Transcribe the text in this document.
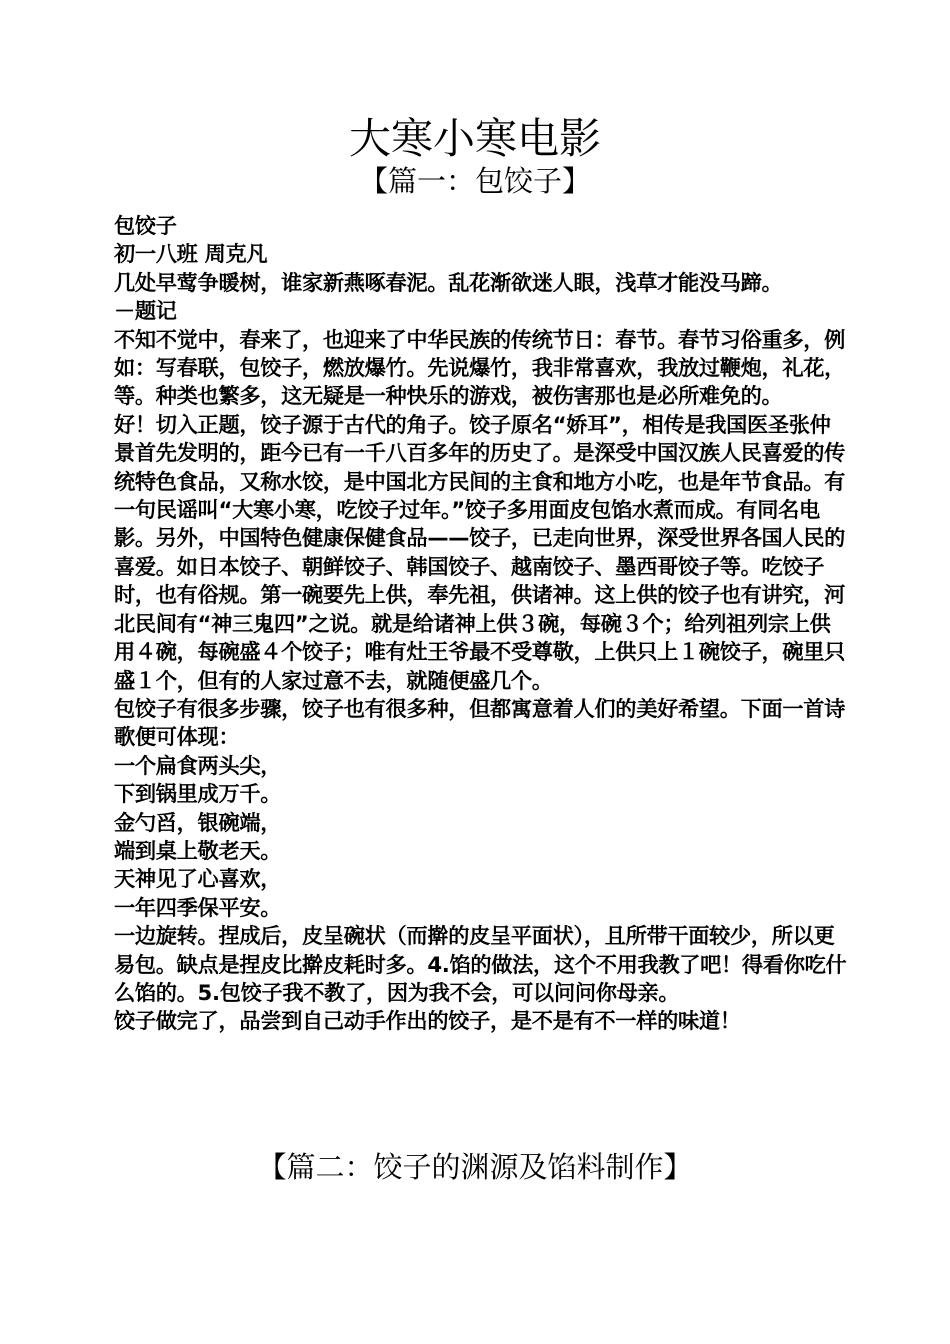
大寒小寒电影
【篇一：包饺子】

包饺子

初一八班 周克凡

几处早莺争暖树，谁家新燕啄春泥。乱花渐欲迷人眼，浅草才能没马蹄。

－题记

不知不觉中，春来了，也迎来了中华民族的传统节日：春节。春节习俗重多，例如：写春联，包饺子，燃放爆竹。先说爆竹，我非常喜欢，我放过鞭炮，礼花，等。种类也繁多，这无疑是一种快乐的游戏，被伤害那也是必所难免的。

好！切入正题，饺子源于古代的角子。饺子原名“娇耳”，相传是我国医圣张仲景首先发明的，距今已有一千八百多年的历史了。是深受中国汉族人民喜爱的传统特色食品，又称水饺，是中国北方民间的主食和地方小吃，也是年节食品。有一句民谣叫“大寒小寒，吃饺子过年。”饺子多用面皮包馅水煮而成。有同名电影。另外，中国特色健康保健食品——饺子，已走向世界，深受世界各国人民的喜爱。如日本饺子、朝鲜饺子、韩国饺子、越南饺子、墨西哥饺子等。吃饺子时，也有俗规。第一碗要先上供，奉先祖，供诸神。这上供的饺子也有讲究，河北民间有“神三鬼四”之说。就是给诸神上供３碗，每碗３个；给列祖列宗上供用４碗，每碗盛４个饺子；唯有灶王爷最不受尊敬，上供只上１碗饺子，碗里只盛１个，但有的人家过意不去，就随便盛几个。

包饺子有很多步骤，饺子也有很多种，但都寓意着人们的美好希望。下面一首诗歌便可体现：

一个扁食两头尖，

下到锅里成万千。

金勺舀，银碗端，

端到桌上敬老天。

天神见了心喜欢，

一年四季保平安。

一边旋转。捏成后，皮呈碗状（而擀的皮呈平面状），且所带干面较少，所以更易包。缺点是捏皮比擀皮耗时多。4.馅的做法，这个不用我教了吧！得看你吃什么馅的。5.包饺子我不教了，因为我不会，可以问问你母亲。

饺子做完了，品尝到自己动手作出的饺子，是不是有不一样的味道！

【篇二：饺子的渊源及馅料制作】
